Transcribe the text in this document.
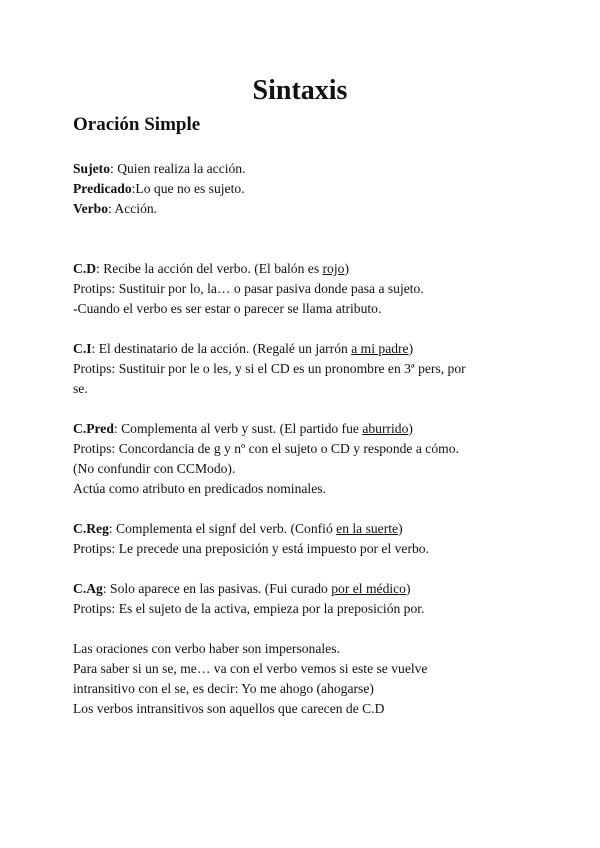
Sintaxis
Oración Simple

Sujeto: Quien realiza la acción.

Predicado:Lo que no es sujeto.

Verbo: Acción.

C.D: Recibe la acción del verbo. (El balón es rojo)

Protips: Sustituir por lo, la… o pasar pasiva donde pasa a sujeto.

-Cuando el verbo es ser estar o parecer se llama atributo.

C.I: El destinatario de la acción. (Regalé un jarrón a mi padre)

Protips: Sustituir por le o les, y si el CD es un pronombre en 3ª pers, por

se.

C.Pred: Complementa al verb y sust. (El partido fue aburrido)

Protips: Concordancia de g y nº con el sujeto o CD y responde a cómo.

(No confundir con CCModo).

Actúa como atributo en predicados nominales.

C.Reg: Complementa el signf del verb. (Confió en la suerte)

Protips: Le precede una preposición y está impuesto por el verbo.

C.Ag: Solo aparece en las pasivas. (Fui curado por el médico)

Protips: Es el sujeto de la activa, empieza por la preposición por.

Las oraciones con verbo haber son impersonales.

Para saber si un se, me… va con el verbo vemos si este se vuelve

intransitivo con el se, es decir: Yo me ahogo (ahogarse)

Los verbos intransitivos son aquellos que carecen de C.D
